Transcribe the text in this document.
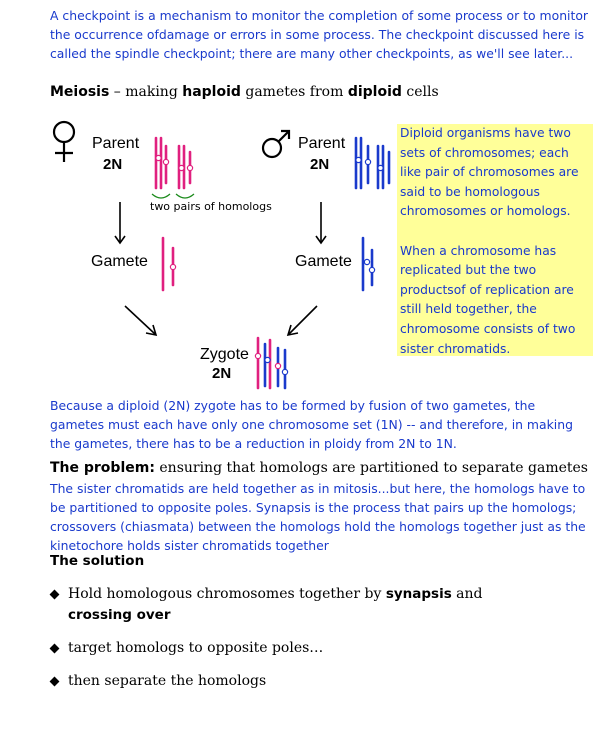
A checkpoint is a mechanism to monitor the completion of some process or to monitor the occurrence ofdamage or errors in some process. The checkpoint discussed here is called the spindle checkpoint; there are many other checkpoints, as we'll see later...
Meiosis – making haploid gametes from diploid cells
Parent
2N
Parent
2N
two pairs of homologs
Gamete	Gamete
Zygote
2N

Diploid organisms have two sets of chromosomes; each like pair of chromosomes are said to be homologous chromosomes or homologs.

When a chromosome has replicated but the two productsof of replication are still held together, the chromosome consists of two sister chromatids.

Because a diploid (2N) zygote has to be formed by fusion of two gametes, the gametes must each have only one chromosome set (1N) -- and therefore, in making the gametes, there has to be a reduction in ploidy from 2N to 1N.
The problem: ensuring that homologs are partitioned to separate gametes
The sister chromatids are held together as in mitosis...but here, the homologs have to be partitioned to opposite poles. Synapsis is the process that pairs up the homologs; crossovers (chiasmata) between the homologs hold the homologs together just as the kinetochore holds sister chromatids together
The solution
Hold homologous chromosomes together by synapsis and crossing over
target homologs to opposite poles…
then separate the homologs
